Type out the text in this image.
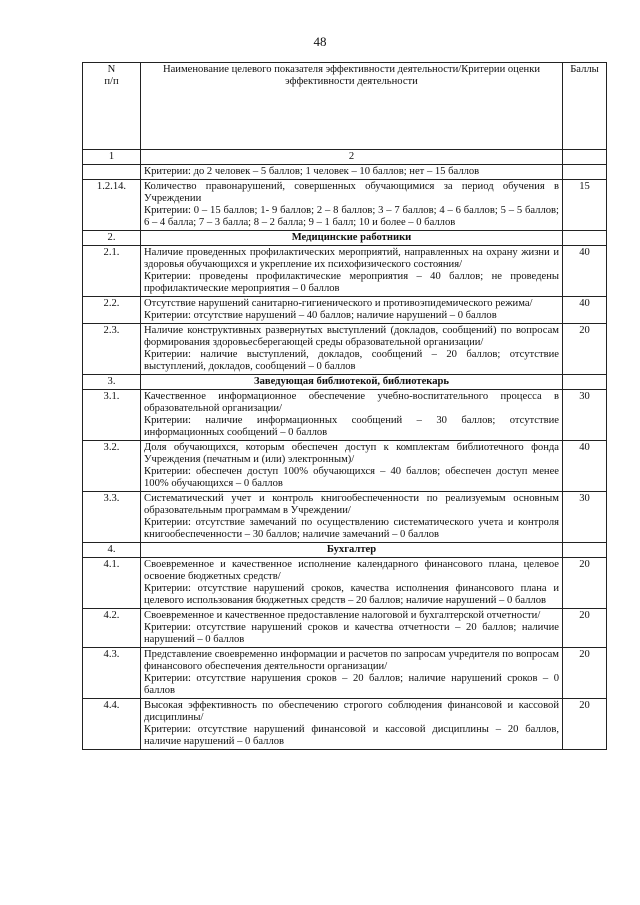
48
N
п/п	Наименование целевого показателя эффективности деятельности/Критерии оценки эффективности деятельности	Баллы
1	2	

	Критерии: до 2 человек – 5 баллов; 1 человек – 10 баллов; нет – 15 баллов	

1.2.14.	Количество правонарушений, совершенных обучающимися за период обучения в Учреждении
Критерии: 0 – 15 баллов; 1- 9 баллов; 2 – 8 баллов; 3 – 7 баллов; 4 – 6 баллов; 5 – 5 баллов; 6 – 4 балла; 7 – 3 балла; 8 – 2 балла; 9 – 1 балл; 10 и более – 0 баллов	15
2.	Медицинские работники	

2.1.	Наличие проведенных профилактических мероприятий, направленных на охрану жизни и здоровья обучающихся и укрепление их психофизического состояния/
Критерии: проведены профилактические мероприятия – 40 баллов; не проведены профилактические мероприятия – 0 баллов	40
2.2.	Отсутствие нарушений санитарно-гигиенического и противоэпидемического режима/
Критерии: отсутствие нарушений – 40 баллов; наличие нарушений – 0 баллов	40
2.3.	Наличие конструктивных развернутых выступлений (докладов, сообщений) по вопросам формирования здоровьесберегающей среды образовательной организации/
Критерии: наличие выступлений, докладов, сообщений – 20 баллов; отсутствие выступлений, докладов, сообщений – 0 баллов	20
3.	Заведующая библиотекой, библиотекарь	

3.1.	Качественное информационное обеспечение учебно-воспитательного процесса в образовательной организации/
Критерии: наличие информационных сообщений – 30 баллов; отсутствие информационных сообщений – 0 баллов	30
3.2.	Доля обучающихся, которым обеспечен доступ к комплектам библиотечного фонда Учреждения (печатным и (или) электронным)/
Критерии: обеспечен доступ 100% обучающихся – 40 баллов; обеспечен доступ менее 100% обучающихся – 0 баллов	40
3.3.	Систематический учет и контроль книгообеспеченности по реализуемым основным образовательным программам в Учреждении/
Критерии: отсутствие замечаний по осуществлению систематического учета и контроля книгообеспеченности – 30 баллов; наличие замечаний – 0 баллов	30
4.	Бухгалтер	

4.1.	Своевременное и качественное исполнение календарного финансового плана, целевое освоение бюджетных средств/
Критерии: отсутствие нарушений сроков, качества исполнения финансового плана и целевого использования бюджетных средств – 20 баллов; наличие нарушений – 0 баллов	20
4.2.	Своевременное и качественное предоставление налоговой и бухгалтерской отчетности/
Критерии: отсутствие нарушений сроков и качества отчетности – 20 баллов; наличие нарушений – 0 баллов	20
4.3.	Представление своевременно информации и расчетов по запросам учредителя по вопросам финансового обеспечения деятельности организации/
Критерии: отсутствие нарушения сроков – 20 баллов; наличие нарушений сроков – 0 баллов	20
4.4.	Высокая эффективность по обеспечению строгого соблюдения финансовой и кассовой дисциплины/
Критерии: отсутствие нарушений финансовой и кассовой дисциплины – 20 баллов, наличие нарушений – 0 баллов	20
